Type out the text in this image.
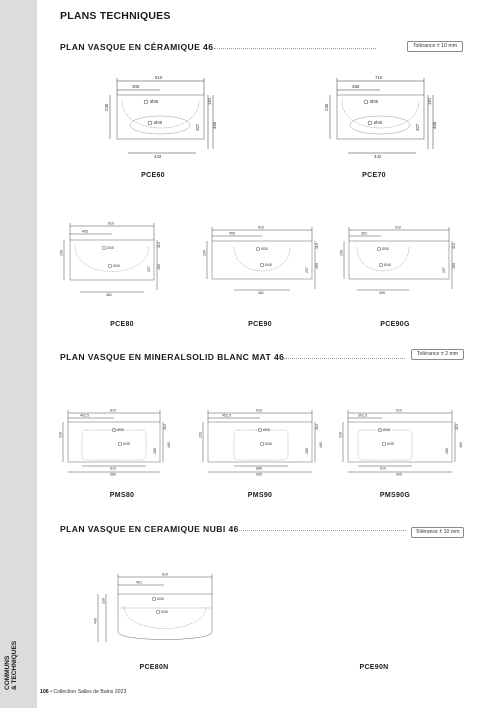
COMMUNS & TECHNIQUES
PLANS TECHNIQUES
PLAN VASQUE EN CÉRAMIQUE 46	Tolérance ± 10 mm
PLAN VASQUE EN MINERALSOLID BLANC MAT 46	Tolérance ± 2 mm
PLAN VASQUE EN CERAMIQUE NUBI 46	Tolérance ± 10 mm
610
305
Ø35
Ø45
230
110
207	460
442
PCE60
710
355
Ø35
Ø45
230
110
207	460
442
PCE70
810
405
Ø35
Ø45
230
110
207 460
481
PCE80
910
455
Ø35
Ø45
230
110
207
460
481
PCE90
910
303
Ø35
Ø45
230
110
207
460
406
PCE90G
810
402,5
Ø35
Ø45
230
110
280
460
610
660
PMS80
910
452,5
Ø35
Ø45
230
110
280
460
886
905
PMS90
910
302,5
Ø35
Ø45
230
110
280
460
510
905
PMS90G
810
401
Ø35
Ø45
230
460
PCE80N	PCE90N
106 • Collection Salles de Bains 2023
